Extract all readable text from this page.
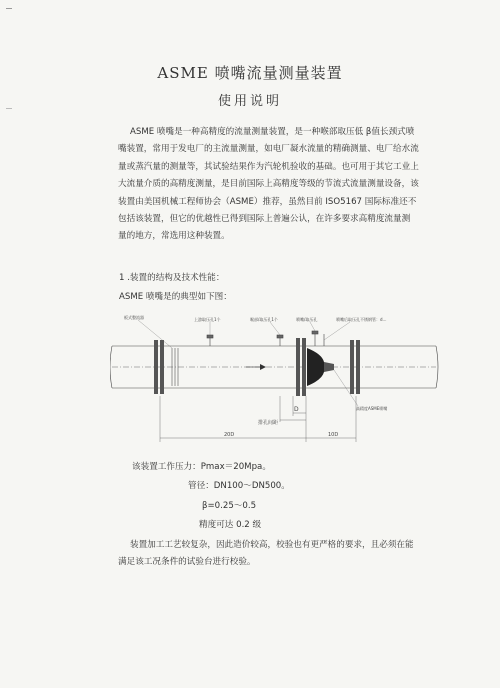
ASME 喷嘴流量测量装置
使用说明
ASME 喷嘴是一种高精度的流量测量装置，是一种喉部取压低 β值长颈式喷
嘴装置，常用于发电厂的主流量测量，如电厂凝水流量的精确测量、电厂给水流
量或蒸汽量的测量等，其试验结果作为汽轮机验收的基础。也可用于其它工业上
大流量介质的高精度测量，是目前国际上高精度等级的节流式流量测量设备，该
装置由美国机械工程师协会（ASME）推荐，虽然目前 ISO5167 国际标准还不
包括该装置，但它的优越性已得到国际上普遍公认，在许多要求高精度流量测
量的地方，常选用这种装置。
1 .装置的结构及技术性能：
ASME 喷嘴是的典型如下图：
板式整流器	上游取压孔1个	喉部/取压孔1个	喷嘴/取压孔	喷嘴后取压孔不锈钢管：d…
高精度ASME喷嘴
D
排孔间距
20D	10D
该装置工作压力：Pmax＝20Mpa。
管径：DN100～DN500。
β=0.25～0.5
精度可达 0.2 级
装置加工工艺较复杂，因此造价较高，校验也有更严格的要求，且必须在能
满足该工况条件的试验台进行校验。
